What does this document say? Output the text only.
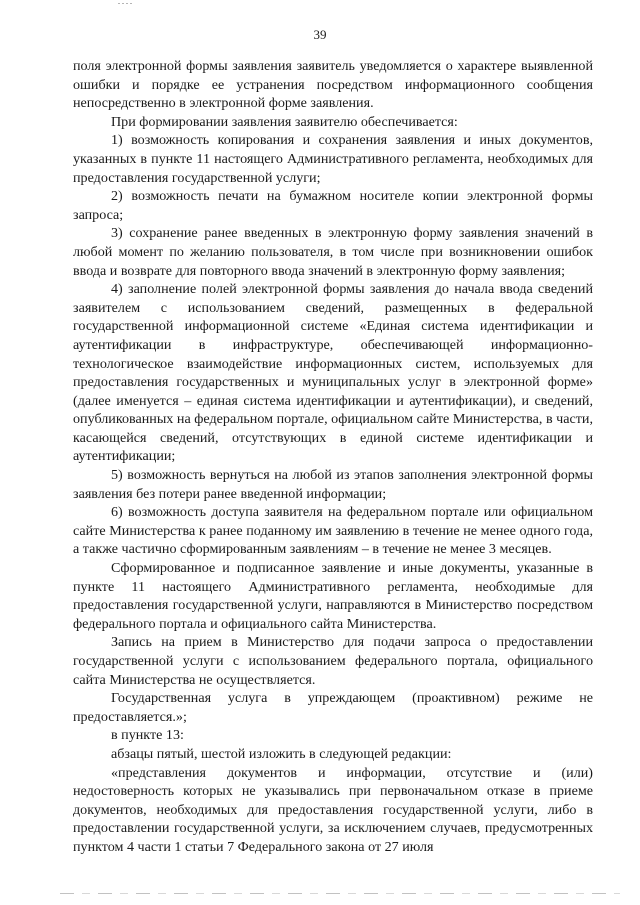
39

поля электронной формы заявления заявитель уведомляется о характере выявленной ошибки и порядке ее устранения посредством информационного сообщения непосредственно в электронной форме заявления.

При формировании заявления заявителю обеспечивается:

1) возможность копирования и сохранения заявления и иных документов, указанных в пункте 11 настоящего Административного регламента, необходимых для предоставления государственной услуги;

2) возможность печати на бумажном носителе копии электронной формы запроса;

3) сохранение ранее введенных в электронную форму заявления значений в любой момент по желанию пользователя, в том числе при возникновении ошибок ввода и возврате для повторного ввода значений в электронную форму заявления;

4) заполнение полей электронной формы заявления до начала ввода сведений заявителем с использованием сведений, размещенных в федеральной государственной информационной системе «Единая система идентификации и аутентификации в инфраструктуре, обеспечивающей информационно-технологическое взаимодействие информационных систем, используемых для предоставления государственных и муниципальных услуг в электронной форме» (далее именуется – единая система идентификации и аутентификации), и сведений, опубликованных на федеральном портале, официальном сайте Министерства, в части, касающейся сведений, отсутствующих в единой системе идентификации и аутентификации;

5) возможность вернуться на любой из этапов заполнения электронной формы заявления без потери ранее введенной информации;

6) возможность доступа заявителя на федеральном портале или официальном сайте Министерства к ранее поданному им заявлению в течение не менее одного года, а также частично сформированным заявлениям – в течение не менее 3 месяцев.

Сформированное и подписанное заявление и иные документы, указанные в пункте 11 настоящего Административного регламента, необходимые для предоставления государственной услуги, направляются в Министерство посредством федерального портала и официального сайта Министерства.

Запись на прием в Министерство для подачи запроса о предоставлении государственной услуги с использованием федерального портала, официального сайта Министерства не осуществляется.

Государственная услуга в упреждающем (проактивном) режиме не предоставляется.»;

в пункте 13:

абзацы пятый, шестой изложить в следующей редакции:

«представления документов и информации, отсутствие и (или) недостоверность которых не указывались при первоначальном отказе в приеме документов, необходимых для предоставления государственной услуги, либо в предоставлении государственной услуги, за исключением случаев, предусмотренных пунктом 4 части 1 статьи 7 Федерального закона от 27 июля
